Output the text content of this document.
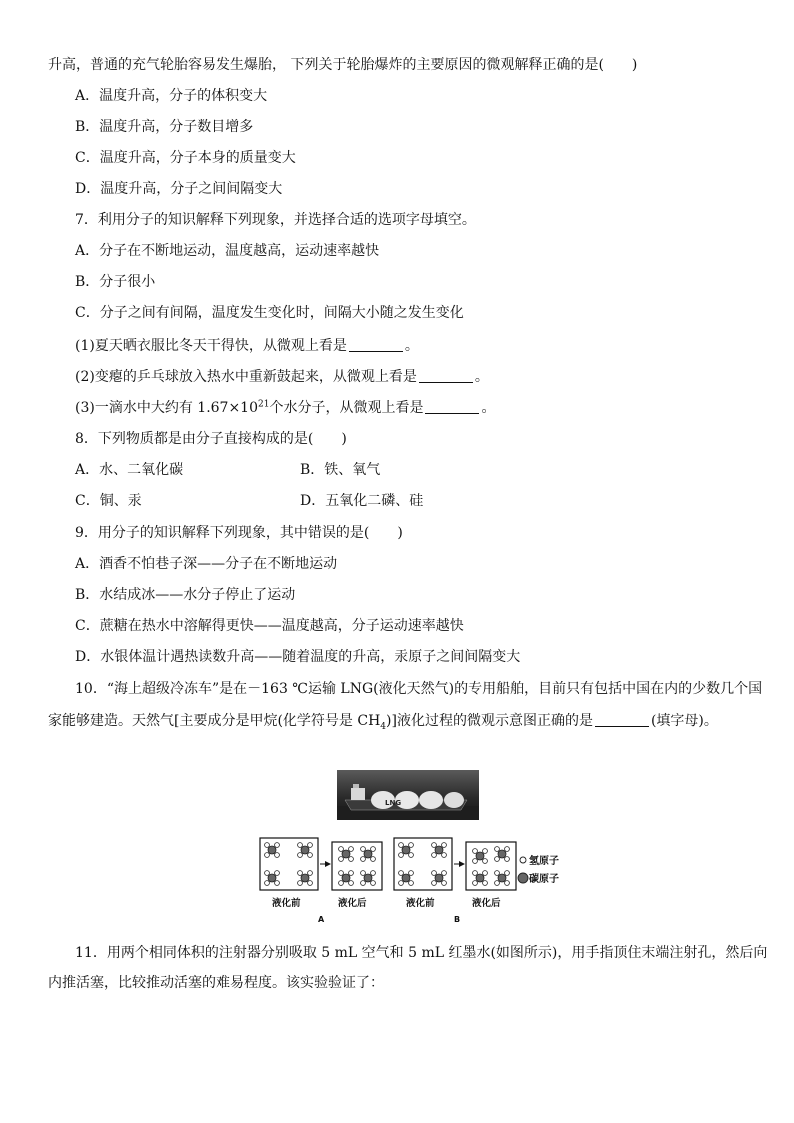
升高，普通的充气轮胎容易发生爆胎， 下列关于轮胎爆炸的主要原因的微观解释正确的是(　　)
A．温度升高，分子的体积变大
B．温度升高，分子数目增多
C．温度升高，分子本身的质量变大
D．温度升高，分子之间间隔变大
7．利用分子的知识解释下列现象，并选择合适的选项字母填空。
A．分子在不断地运动，温度越高，运动速率越快
B．分子很小
C．分子之间有间隔，温度发生变化时，间隔大小随之发生变化
(1)夏天晒衣服比冬天干得快，从微观上看是	。
(2)变瘪的乒乓球放入热水中重新鼓起来，从微观上看是	。
(3)一滴水中大约有 $1.67\times 10^{21}$个水分子，从微观上看是	。
8．下列物质都是由分子直接构成的是(　　)
A．水、二氧化碳	B．铁、氧气
C．铜、汞	D．五氧化二磷、硅
9．用分子的知识解释下列现象，其中错误的是(　　)
A．酒香不怕巷子深——分子在不断地运动
B．水结成冰——水分子停止了运动
C．蔗糖在热水中溶解得更快——温度越高，分子运动速率越快
D．水银体温计遇热读数升高——随着温度的升高，汞原子之间间隔变大
10．“海上超级冷冻车”是在－163 ℃运输 LNG(液化天然气)的专用船舶，目前只有包括中国在内的少数几个国
家能够建造。天然气[主要成分是甲烷(化学符号是 $CH_4$)]液化过程的微观示意图正确的是	(填字母)。
LNG
氢原子
碳原子
液化前	液化后	液化前	液化后
A	B
11．用两个相同体积的注射器分别吸取 5 mL 空气和 5 mL 红墨水(如图所示)，用手指顶住末端注射孔，然后向
内推活塞，比较推动活塞的难易程度。该实验验证了：
